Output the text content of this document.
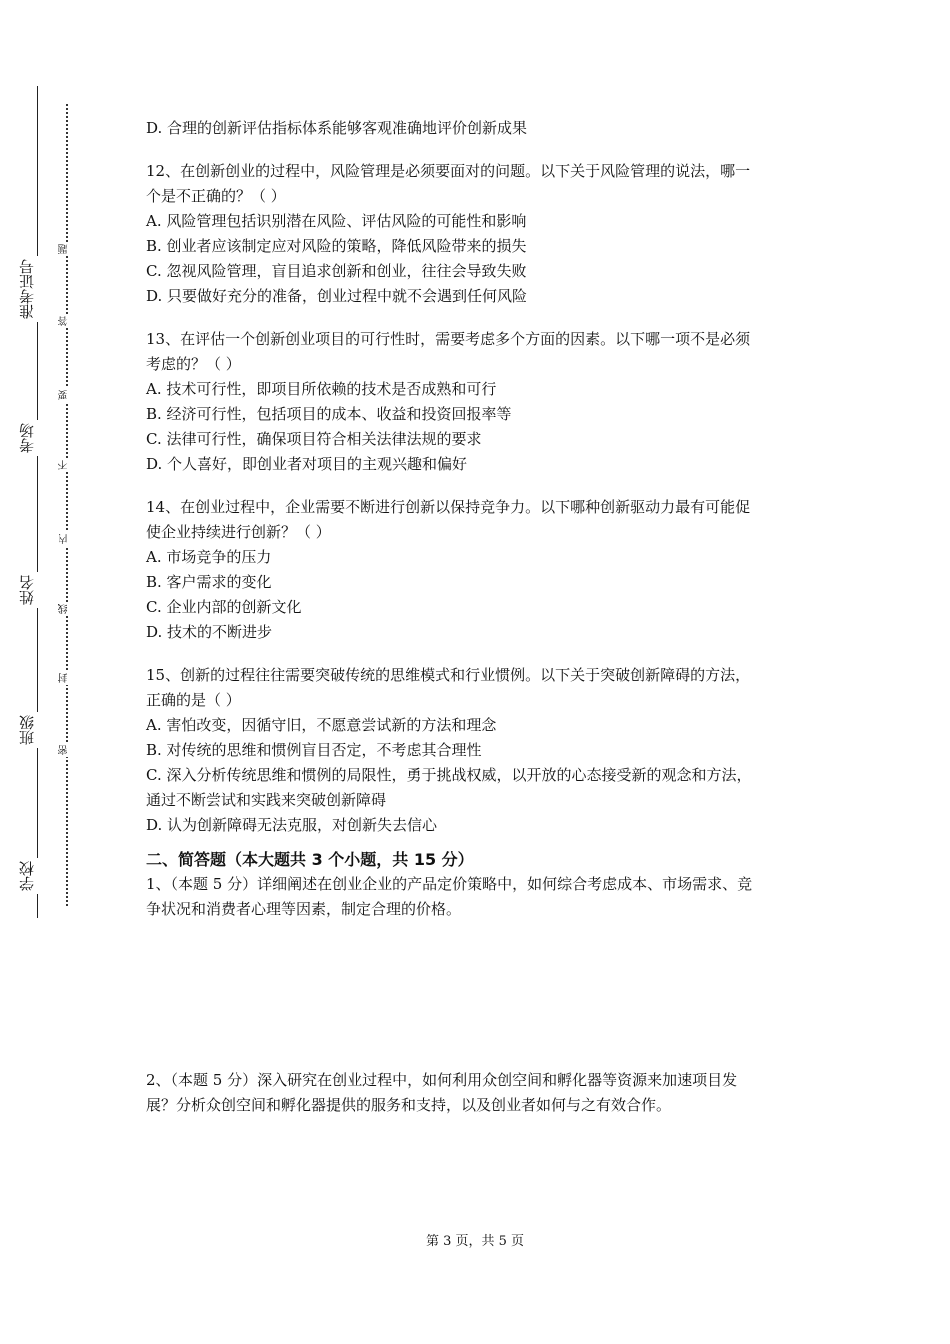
学校
班级
姓名
考场
准考证号
密
封
线
内
不
要
答
题
D. 合理的创新评估指标体系能够客观准确地评价创新成果
12、在创新创业的过程中，风险管理是必须要面对的问题。以下关于风险管理的说法，哪一
个是不正确的？（ ）
A. 风险管理包括识别潜在风险、评估风险的可能性和影响
B. 创业者应该制定应对风险的策略，降低风险带来的损失
C. 忽视风险管理，盲目追求创新和创业，往往会导致失败
D. 只要做好充分的准备，创业过程中就不会遇到任何风险
13、在评估一个创新创业项目的可行性时，需要考虑多个方面的因素。以下哪一项不是必须
考虑的？（ ）
A. 技术可行性，即项目所依赖的技术是否成熟和可行
B. 经济可行性，包括项目的成本、收益和投资回报率等
C. 法律可行性，确保项目符合相关法律法规的要求
D. 个人喜好，即创业者对项目的主观兴趣和偏好
14、在创业过程中，企业需要不断进行创新以保持竞争力。以下哪种创新驱动力最有可能促
使企业持续进行创新？（ ）
A. 市场竞争的压力
B. 客户需求的变化
C. 企业内部的创新文化
D. 技术的不断进步
15、创新的过程往往需要突破传统的思维模式和行业惯例。以下关于突破创新障碍的方法，
正确的是（ ）
A. 害怕改变，因循守旧，不愿意尝试新的方法和理念
B. 对传统的思维和惯例盲目否定，不考虑其合理性
C. 深入分析传统思维和惯例的局限性，勇于挑战权威，以开放的心态接受新的观念和方法，
通过不断尝试和实践来突破创新障碍
D. 认为创新障碍无法克服，对创新失去信心
二、简答题（本大题共 3 个小题，共 15 分）
1、（本题 5 分）详细阐述在创业企业的产品定价策略中，如何综合考虑成本、市场需求、竞
争状况和消费者心理等因素，制定合理的价格。
2、（本题 5 分）深入研究在创业过程中，如何利用众创空间和孵化器等资源来加速项目发
展？分析众创空间和孵化器提供的服务和支持，以及创业者如何与之有效合作。
第 3 页，共 5 页
